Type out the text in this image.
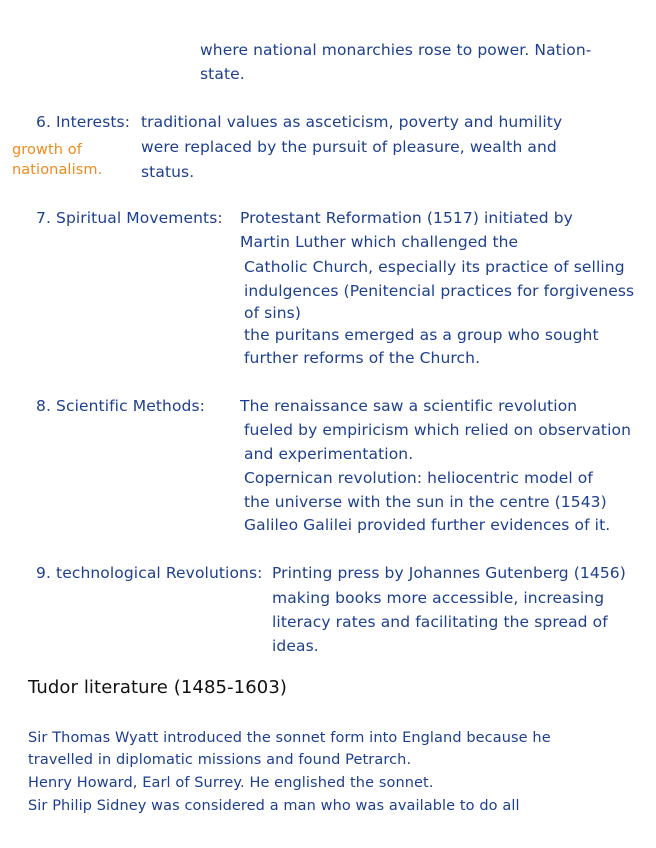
where national monarchies rose to power. Nation-
state.
6. Interests: traditional values as asceticism, poverty and humility
were replaced by the pursuit of pleasure, wealth and
status.
growth of
nationalism.
7. Spiritual Movements: Protestant Reformation (1517) initiated by
Martin Luther which challenged the
Catholic Church, especially its practice of selling
indulgences (Penitencial practices for forgiveness
of sins)
the puritans emerged as a group who sought
further reforms of the Church.
8. Scientific Methods: The renaissance saw a scientific revolution
fueled by empiricism which relied on observation
and experimentation.
Copernican revolution: heliocentric model of
the universe with the sun in the centre (1543)
Galileo Galilei provided further evidences of it.
9. technological Revolutions: Printing press by Johannes Gutenberg (1456)
making books more accessible, increasing
literacy rates and facilitating the spread of
ideas.
Tudor literature (1485-1603)
Sir Thomas Wyatt introduced the sonnet form into England because he
travelled in diplomatic missions and found Petrarch.
Henry Howard, Earl of Surrey. He englished the sonnet.
Sir Philip Sidney was considered a man who was available to do all
